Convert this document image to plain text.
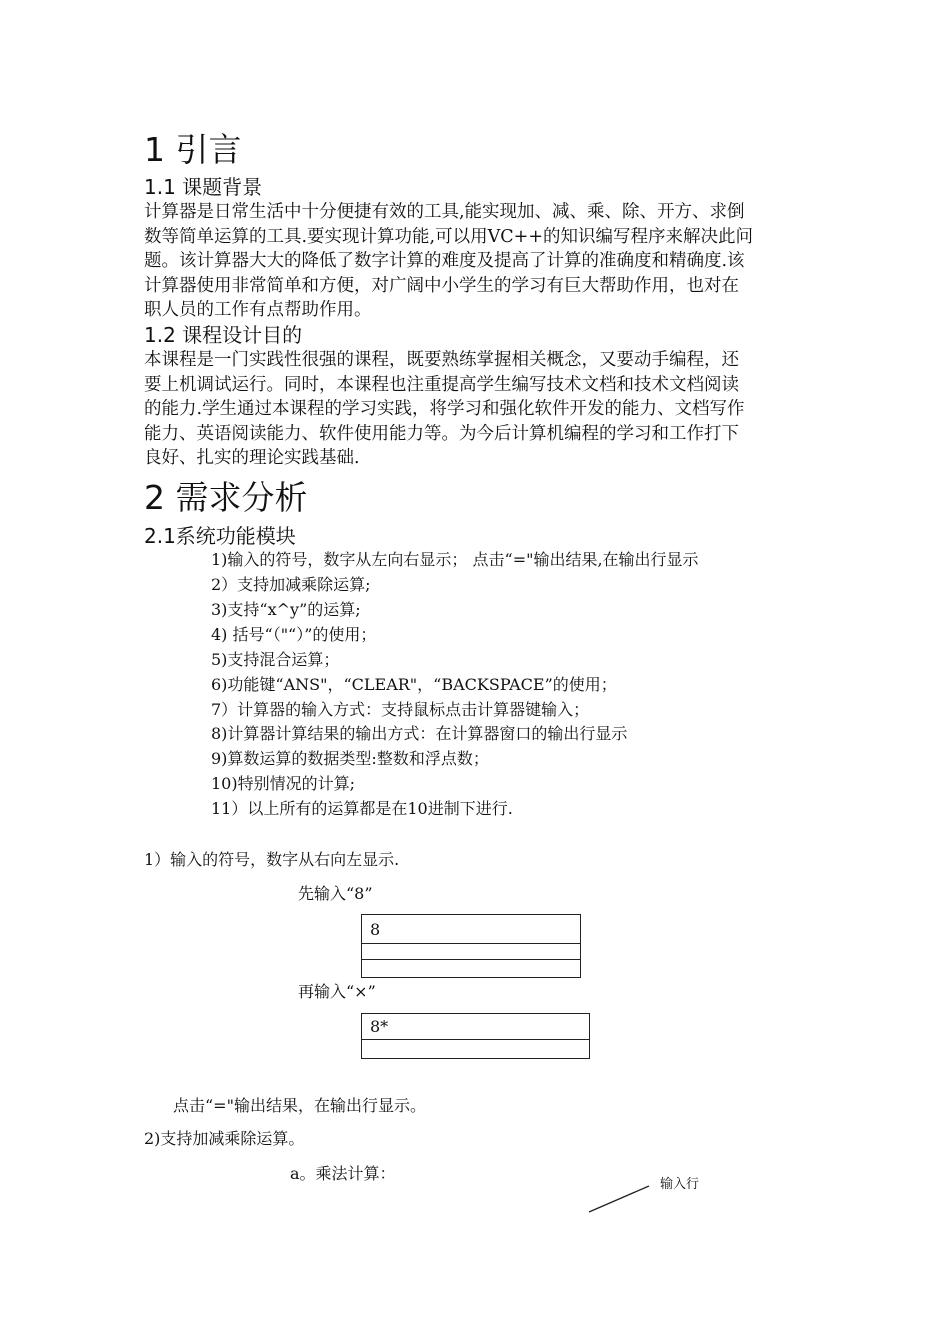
1 引言
1.1 课题背景
计算器是日常生活中十分便捷有效的工具,能实现加、减、乘、除、开方、求倒
数等简单运算的工具.要实现计算功能,可以用VC++的知识编写程序来解决此问
题。该计算器大大的降低了数字计算的难度及提高了计算的准确度和精确度.该
计算器使用非常简单和方便，对广阔中小学生的学习有巨大帮助作用，也对在
职人员的工作有点帮助作用。
1.2 课程设计目的
本课程是一门实践性很强的课程，既要熟练掌握相关概念，又要动手编程，还
要上机调试运行。同时，本课程也注重提高学生编写技术文档和技术文档阅读
的能力.学生通过本课程的学习实践，将学习和强化软件开发的能力、文档写作
能力、英语阅读能力、软件使用能力等。为今后计算机编程的学习和工作打下
良好、扎实的理论实践基础.
2 需求分析
2.1系统功能模块
1)输入的符号，数字从左向右显示； 点击“="输出结果,在输出行显示
2）支持加减乘除运算;
3)支持“x^y”的运算;
4) 括号“（"“）”的使用；
5)支持混合运算；
6)功能键“ANS"，“CLEAR"，“BACKSPACE”的使用；
7）计算器的输入方式：支持鼠标点击计算器键输入；
8)计算器计算结果的输出方式：在计算器窗口的输出行显示
9)算数运算的数据类型:整数和浮点数；
10)特别情况的计算;
11）以上所有的运算都是在10进制下进行.
1）输入的符号，数字从右向左显示.
先输入“8”
8
再输入“×”
8*
点击“="输出结果，在输出行显示。
2)支持加减乘除运算。
a。乘法计算：
输入行
